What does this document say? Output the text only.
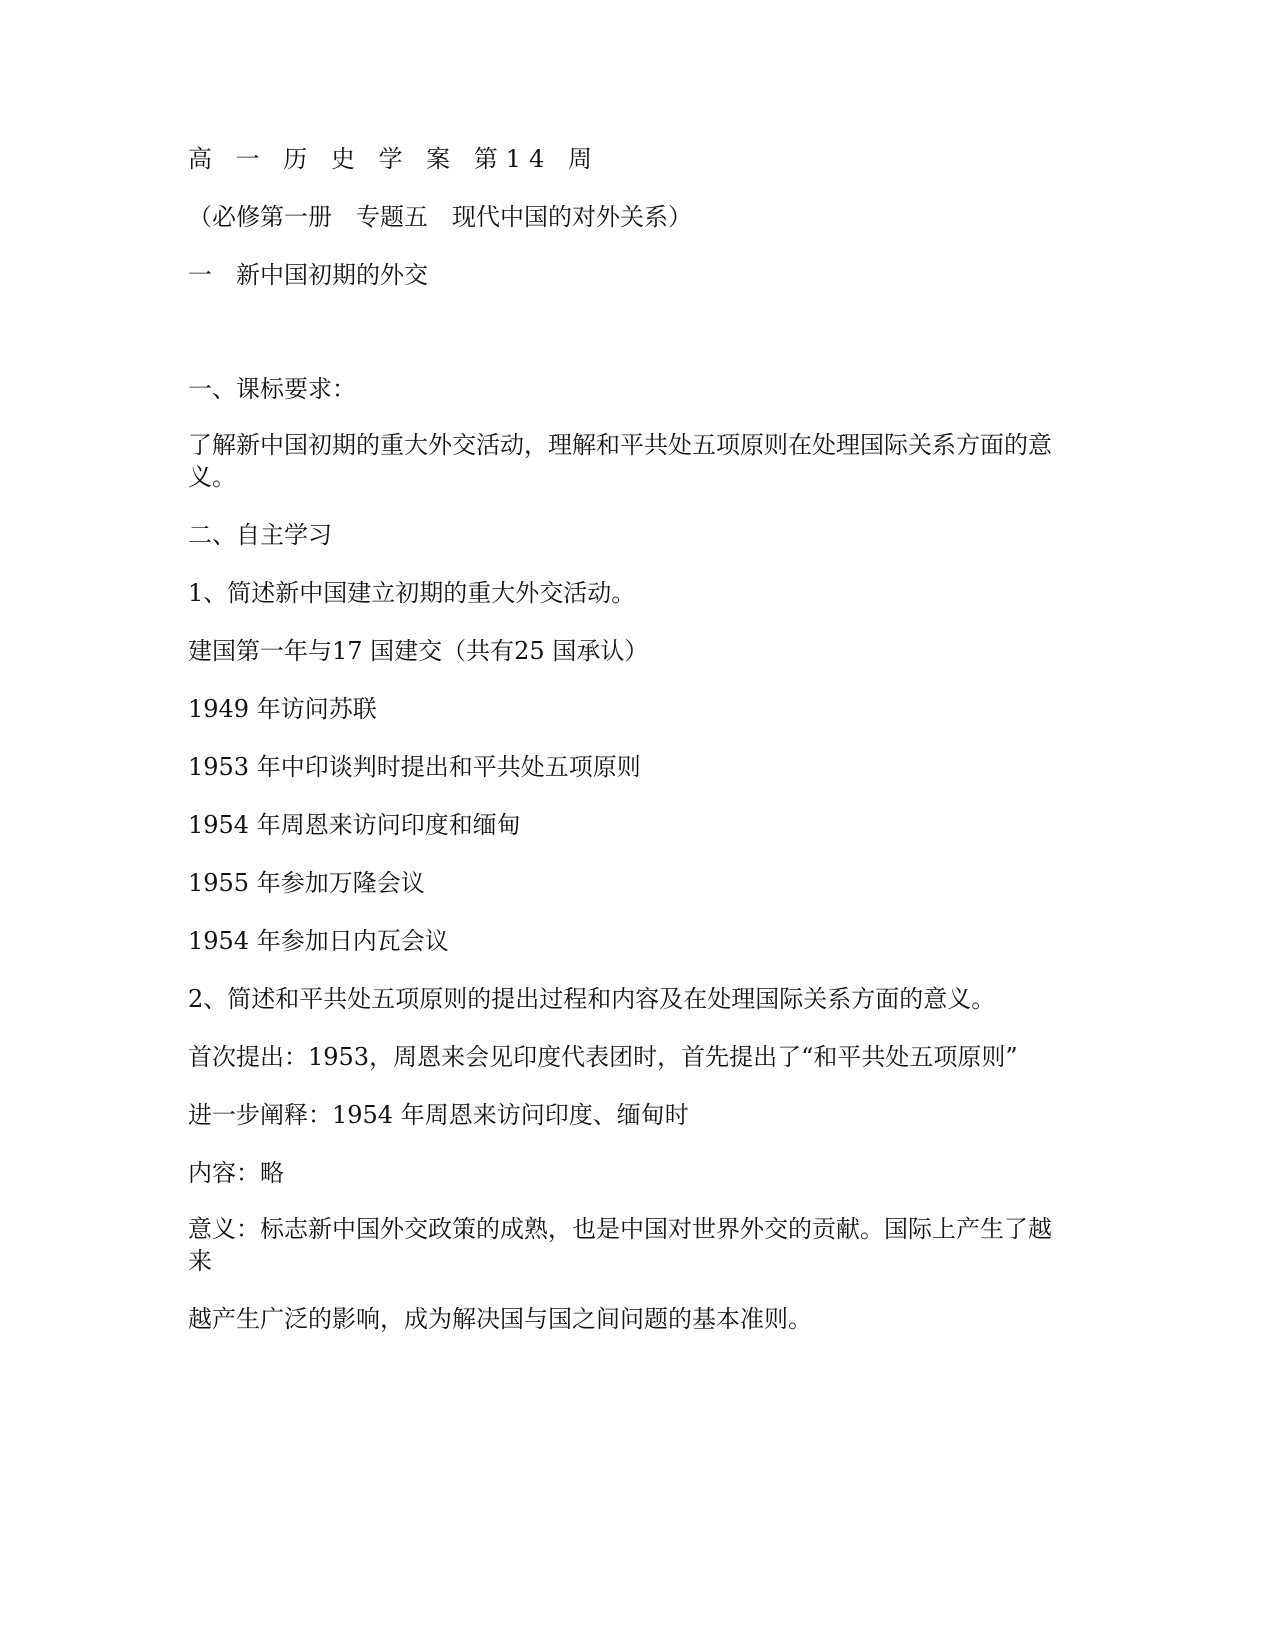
高 一 历 史 学 案 第14 周
（必修第一册　专题五　现代中国的对外关系）
一　新中国初期的外交
一、课标要求：
了解新中国初期的重大外交活动，理解和平共处五项原则在处理国际关系方面的意
义。
二、自主学习
1、简述新中国建立初期的重大外交活动。
建国第一年与17 国建交（共有25 国承认）
1949 年访问苏联
1953 年中印谈判时提出和平共处五项原则
1954 年周恩来访问印度和缅甸
1955 年参加万隆会议
1954 年参加日内瓦会议
2、简述和平共处五项原则的提出过程和内容及在处理国际关系方面的意义。
首次提出：1953，周恩来会见印度代表团时，首先提出了“和平共处五项原则”
进一步阐释：1954 年周恩来访问印度、缅甸时
内容：略
意义：标志新中国外交政策的成熟，也是中国对世界外交的贡献。国际上产生了越
来
越产生广泛的影响，成为解决国与国之间问题的基本准则。
